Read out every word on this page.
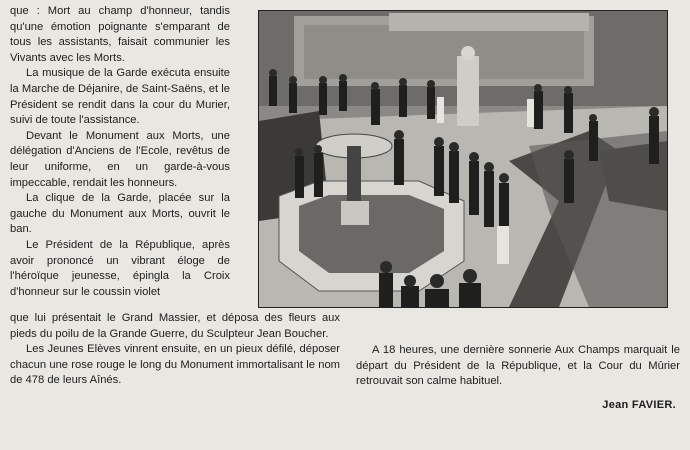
que : Mort au champ d'honneur, tandis qu'une émotion poignante s'emparant de tous les assistants, faisait communier les Vivants avec les Morts.

La musique de la Garde exécuta ensuite la Marche de Déjanire, de Saint-Saëns, et le Président se rendit dans la cour du Murier, suivi de toute l'assistance.

Devant le Monument aux Morts, une délégation d'Anciens de l'Ecole, revêtus de leur uniforme, en un garde-à-vous impeccable, rendait les honneurs.

La clique de la Garde, placée sur la gauche du Monument aux Morts, ouvrit le ban.

Le Président de la République, après avoir prononcé un vibrant éloge de l'héroïque jeunesse, épingla la Croix d'honneur sur le coussin violet

que lui présentait le Grand Massier, et déposa des fleurs aux pieds du poilu de la Grande Guerre, du Sculpteur Jean Boucher.

Les Jeunes Elèves vinrent ensuite, en un pieux défilé, déposer chacun une rose rouge le long du Monument immortalisant le nom de 478 de leurs Aînés.

A 18 heures, une dernière sonnerie Aux Champs marquait le départ du Président de la République, et la Cour du Mûrier retrouvait son calme habituel.

Jean FAVIER.
